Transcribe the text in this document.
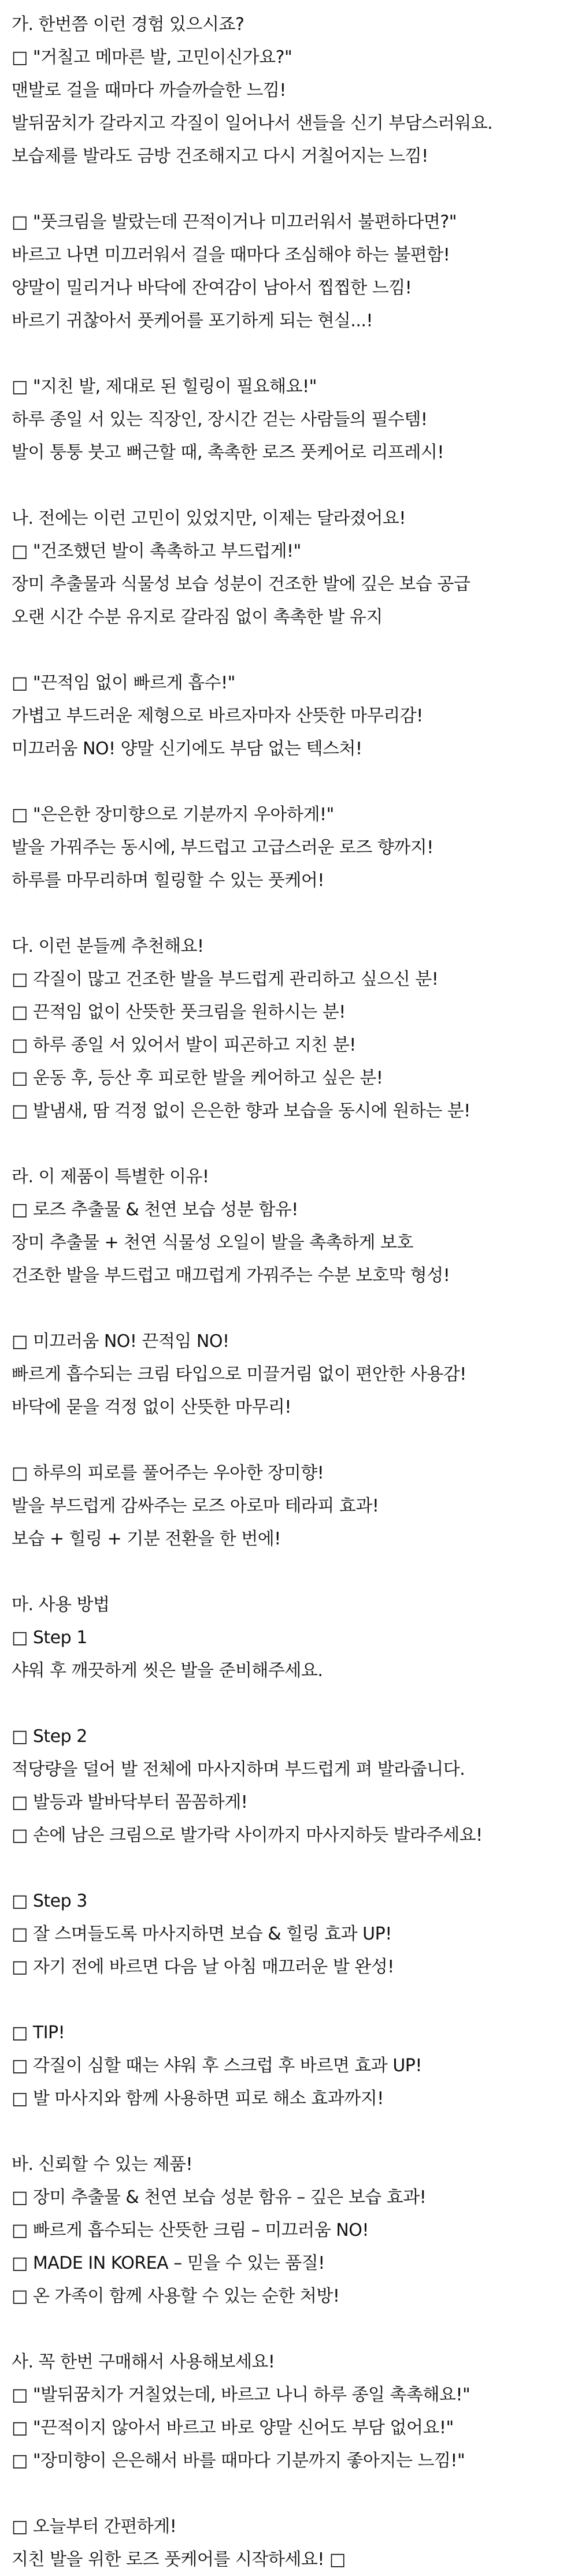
가. 한번쯤 이런 경험 있으시죠?
□ "거칠고 메마른 발, 고민이신가요?"
맨발로 걸을 때마다 까슬까슬한 느낌!
발뒤꿈치가 갈라지고 각질이 일어나서 샌들을 신기 부담스러워요.
보습제를 발라도 금방 건조해지고 다시 거칠어지는 느낌!
□ "풋크림을 발랐는데 끈적이거나 미끄러워서 불편하다면?"
바르고 나면 미끄러워서 걸을 때마다 조심해야 하는 불편함!
양말이 밀리거나 바닥에 잔여감이 남아서 찝찝한 느낌!
바르기 귀찮아서 풋케어를 포기하게 되는 현실...!
□ "지친 발, 제대로 된 힐링이 필요해요!"
하루 종일 서 있는 직장인, 장시간 걷는 사람들의 필수템!
발이 퉁퉁 붓고 뻐근할 때, 촉촉한 로즈 풋케어로 리프레시!
나. 전에는 이런 고민이 있었지만, 이제는 달라졌어요!
□ "건조했던 발이 촉촉하고 부드럽게!"
장미 추출물과 식물성 보습 성분이 건조한 발에 깊은 보습 공급
오랜 시간 수분 유지로 갈라짐 없이 촉촉한 발 유지
□ "끈적임 없이 빠르게 흡수!"
가볍고 부드러운 제형으로 바르자마자 산뜻한 마무리감!
미끄러움 NO! 양말 신기에도 부담 없는 텍스처!
□ "은은한 장미향으로 기분까지 우아하게!"
발을 가꿔주는 동시에, 부드럽고 고급스러운 로즈 향까지!
하루를 마무리하며 힐링할 수 있는 풋케어!
다. 이런 분들께 추천해요!
□ 각질이 많고 건조한 발을 부드럽게 관리하고 싶으신 분!
□ 끈적임 없이 산뜻한 풋크림을 원하시는 분!
□ 하루 종일 서 있어서 발이 피곤하고 지친 분!
□ 운동 후, 등산 후 피로한 발을 케어하고 싶은 분!
□ 발냄새, 땀 걱정 없이 은은한 향과 보습을 동시에 원하는 분!
라. 이 제품이 특별한 이유!
□ 로즈 추출물 & 천연 보습 성분 함유!
장미 추출물 + 천연 식물성 오일이 발을 촉촉하게 보호
건조한 발을 부드럽고 매끄럽게 가꿔주는 수분 보호막 형성!
□ 미끄러움 NO! 끈적임 NO!
빠르게 흡수되는 크림 타입으로 미끌거림 없이 편안한 사용감!
바닥에 묻을 걱정 없이 산뜻한 마무리!
□ 하루의 피로를 풀어주는 우아한 장미향!
발을 부드럽게 감싸주는 로즈 아로마 테라피 효과!
보습 + 힐링 + 기분 전환을 한 번에!
마. 사용 방법
□ Step 1
샤워 후 깨끗하게 씻은 발을 준비해주세요.
□ Step 2
적당량을 덜어 발 전체에 마사지하며 부드럽게 펴 발라줍니다.
□ 발등과 발바닥부터 꼼꼼하게!
□ 손에 남은 크림으로 발가락 사이까지 마사지하듯 발라주세요!
□ Step 3
□ 잘 스며들도록 마사지하면 보습 & 힐링 효과 UP!
□ 자기 전에 바르면 다음 날 아침 매끄러운 발 완성!
□ TIP!
□ 각질이 심할 때는 샤워 후 스크럽 후 바르면 효과 UP!
□ 발 마사지와 함께 사용하면 피로 해소 효과까지!
바. 신뢰할 수 있는 제품!
□ 장미 추출물 & 천연 보습 성분 함유 – 깊은 보습 효과!
□ 빠르게 흡수되는 산뜻한 크림 – 미끄러움 NO!
□ MADE IN KOREA – 믿을 수 있는 품질!
□ 온 가족이 함께 사용할 수 있는 순한 처방!
사. 꼭 한번 구매해서 사용해보세요!
□ "발뒤꿈치가 거칠었는데, 바르고 나니 하루 종일 촉촉해요!"
□ "끈적이지 않아서 바르고 바로 양말 신어도 부담 없어요!"
□ "장미향이 은은해서 바를 때마다 기분까지 좋아지는 느낌!"
□ 오늘부터 간편하게!
지친 발을 위한 로즈 풋케어를 시작하세요! □
